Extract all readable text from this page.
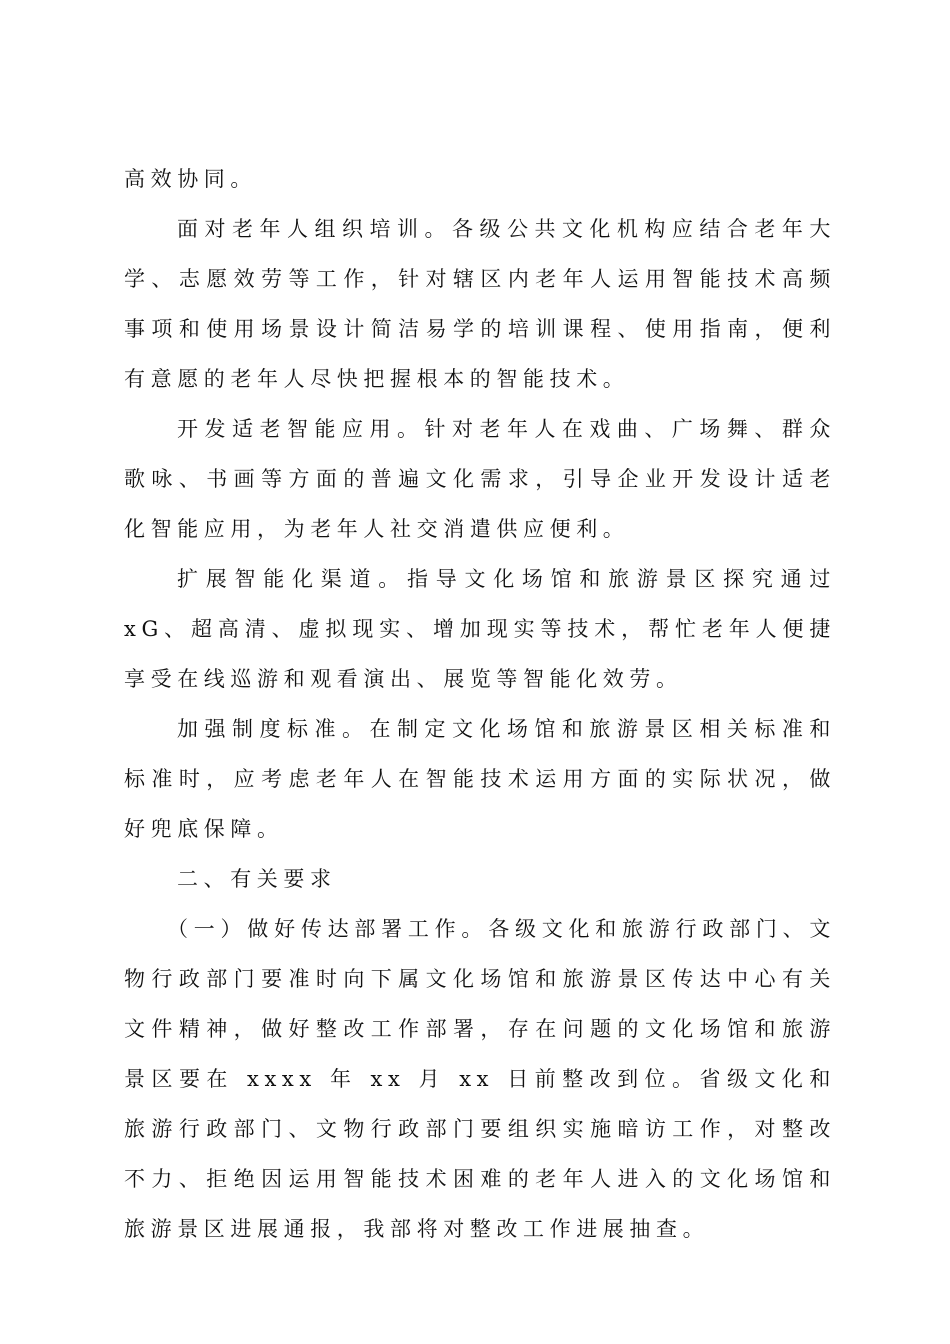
高效协同。

面对老年人组织培训。各级公共文化机构应结合老年大学、志愿效劳等工作，针对辖区内老年人运用智能技术高频事项和使用场景设计简洁易学的培训课程、使用指南，便利有意愿的老年人尽快把握根本的智能技术。

开发适老智能应用。针对老年人在戏曲、广场舞、群众歌咏、书画等方面的普遍文化需求，引导企业开发设计适老化智能应用，为老年人社交消遣供应便利。

扩展智能化渠道。指导文化场馆和旅游景区探究通过 xG、超高清、虚拟现实、增加现实等技术，帮忙老年人便捷享受在线巡游和观看演出、展览等智能化效劳。

加强制度标准。在制定文化场馆和旅游景区相关标准和标准时，应考虑老年人在智能技术运用方面的实际状况，做好兜底保障。

二、有关要求

（一）做好传达部署工作。各级文化和旅游行政部门、文物行政部门要准时向下属文化场馆和旅游景区传达中心有关文件精神，做好整改工作部署，存在问题的文化场馆和旅游景区要在 xxxx 年 xx 月 xx 日前整改到位。省级文化和旅游行政部门、文物行政部门要组织实施暗访工作，对整改不力、拒绝因运用智能技术困难的老年人进入的文化场馆和旅游景区进展通报，我部将对整改工作进展抽查。
